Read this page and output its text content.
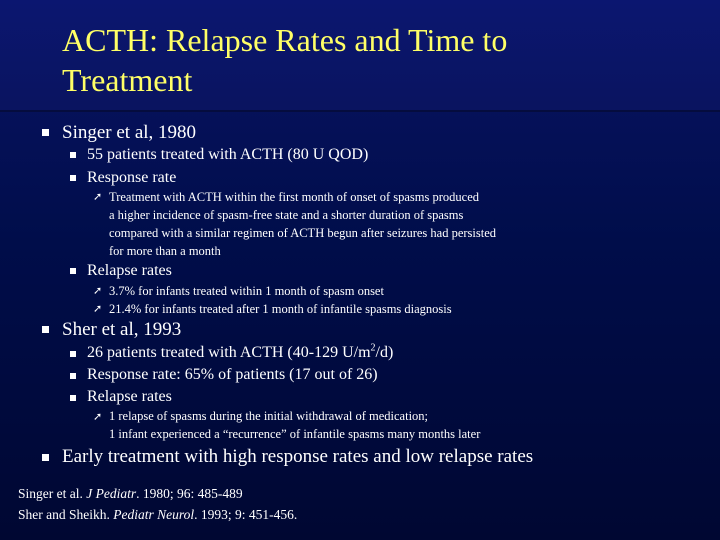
ACTH: Relapse Rates and Time to
Treatment
Singer et al, 1980
55 patients treated with ACTH (80 U QOD)
Response rate
➚ Treatment with ACTH within the first month of onset of spasms produced
a higher incidence of spasm-free state and a shorter duration of spasms
compared with a similar regimen of ACTH begun after seizures had persisted
for more than a month
Relapse rates
➚ 3.7% for infants treated within 1 month of spasm onset
➚ 21.4% for infants treated after 1 month of infantile spasms diagnosis
Sher et al, 1993
26 patients treated with ACTH (40-129 $U/m^2/d$)
Response rate: 65% of patients (17 out of 26)
Relapse rates
➚ 1 relapse of spasms during the initial withdrawal of medication;
1 infant experienced a “recurrence” of infantile spasms many months later
Early treatment with high response rates and low relapse rates
Singer et al. J Pediatr. 1980; 96: 485-489
Sher and Sheikh. Pediatr Neurol. 1993; 9: 451-456.
